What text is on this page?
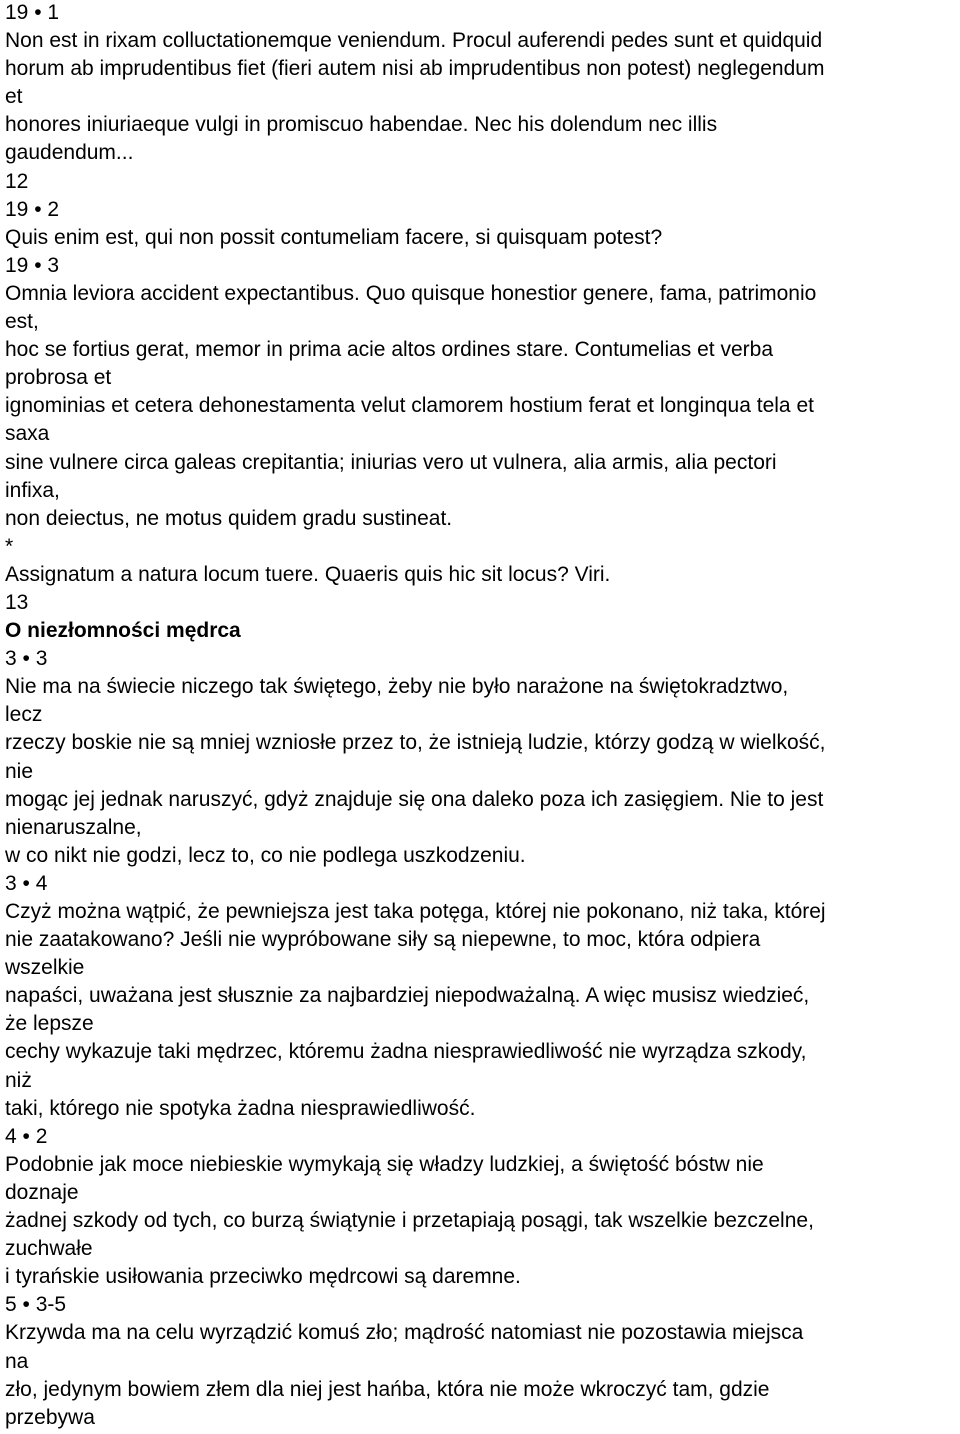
19 • 1
Non est in rixam colluctationemque veniendum. Procul auferendi pedes sunt et quidquid
horum ab imprudentibus fiet (fieri autem nisi ab imprudentibus non potest) neglegendum
et
honores iniuriaeque vulgi in promiscuo habendae. Nec his dolendum nec illis
gaudendum...
12
19 • 2
Quis enim est, qui non possit contumeliam facere, si quisquam potest?
19 • 3
Omnia leviora accident expectantibus. Quo quisque honestior genere, fama, patrimonio
est,
hoc se fortius gerat, memor in prima acie altos ordines stare. Contumelias et verba
probrosa et
ignominias et cetera dehonestamenta velut clamorem hostium ferat et longinqua tela et
saxa
sine vulnere circa galeas crepitantia; iniurias vero ut vulnera, alia armis, alia pectori
infixa,
non deiectus, ne motus quidem gradu sustineat.
*
Assignatum a natura locum tuere. Quaeris quis hic sit locus? Viri.
13
O niezłomności mędrca
3 • 3
Nie ma na świecie niczego tak świętego, żeby nie było narażone na świętokradztwo,
lecz
rzeczy boskie nie są mniej wzniosłe przez to, że istnieją ludzie, którzy godzą w wielkość,
nie
mogąc jej jednak naruszyć, gdyż znajduje się ona daleko poza ich zasięgiem. Nie to jest
nienaruszalne,
w co nikt nie godzi, lecz to, co nie podlega uszkodzeniu.
3 • 4
Czyż można wątpić, że pewniejsza jest taka potęga, której nie pokonano, niż taka, której
nie zaatakowano? Jeśli nie wypróbowane siły są niepewne, to moc, która odpiera
wszelkie
napaści, uważana jest słusznie za najbardziej niepodważalną. A więc musisz wiedzieć,
że lepsze
cechy wykazuje taki mędrzec, któremu żadna niesprawiedliwość nie wyrządza szkody,
niż
taki, którego nie spotyka żadna niesprawiedliwość.
4 • 2
Podobnie jak moce niebieskie wymykają się władzy ludzkiej, a świętość bóstw nie
doznaje
żadnej szkody od tych, co burzą świątynie i przetapiają posągi, tak wszelkie bezczelne,
zuchwałe
i tyrańskie usiłowania przeciwko mędrcowi są daremne.
5 • 3-5
Krzywda ma na celu wyrządzić komuś zło; mądrość natomiast nie pozostawia miejsca
na
zło, jedynym bowiem złem dla niej jest hańba, która nie może wkroczyć tam, gdzie
przebywa
